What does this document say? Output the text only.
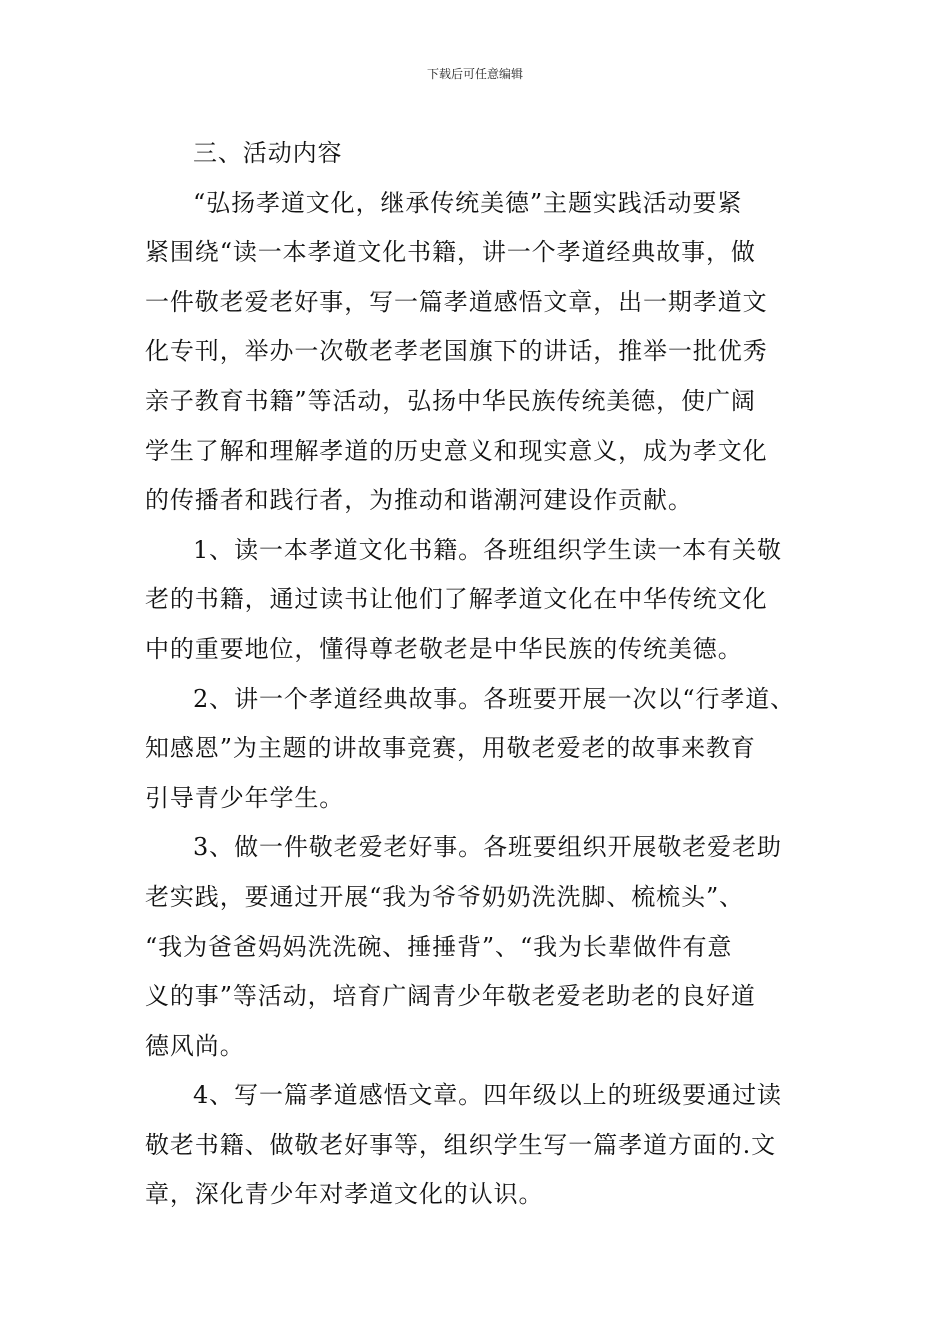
下载后可任意编辑
三、活动内容
“弘扬孝道文化，继承传统美德”主题实践活动要紧
紧围绕“读一本孝道文化书籍，讲一个孝道经典故事，做
一件敬老爱老好事，写一篇孝道感悟文章，出一期孝道文
化专刊，举办一次敬老孝老国旗下的讲话，推举一批优秀
亲子教育书籍”等活动，弘扬中华民族传统美德，使广阔
学生了解和理解孝道的历史意义和现实意义，成为孝文化
的传播者和践行者，为推动和谐潮河建设作贡献。
1、读一本孝道文化书籍。各班组织学生读一本有关敬
老的书籍，通过读书让他们了解孝道文化在中华传统文化
中的重要地位，懂得尊老敬老是中华民族的传统美德。
2、讲一个孝道经典故事。各班要开展一次以“行孝道、
知感恩”为主题的讲故事竞赛，用敬老爱老的故事来教育
引导青少年学生。
3、做一件敬老爱老好事。各班要组织开展敬老爱老助
老实践，要通过开展“我为爷爷奶奶洗洗脚、梳梳头”、
“我为爸爸妈妈洗洗碗、捶捶背”、“我为长辈做件有意
义的事”等活动，培育广阔青少年敬老爱老助老的良好道
德风尚。
4、写一篇孝道感悟文章。四年级以上的班级要通过读
敬老书籍、做敬老好事等，组织学生写一篇孝道方面的.文
章，深化青少年对孝道文化的认识。
